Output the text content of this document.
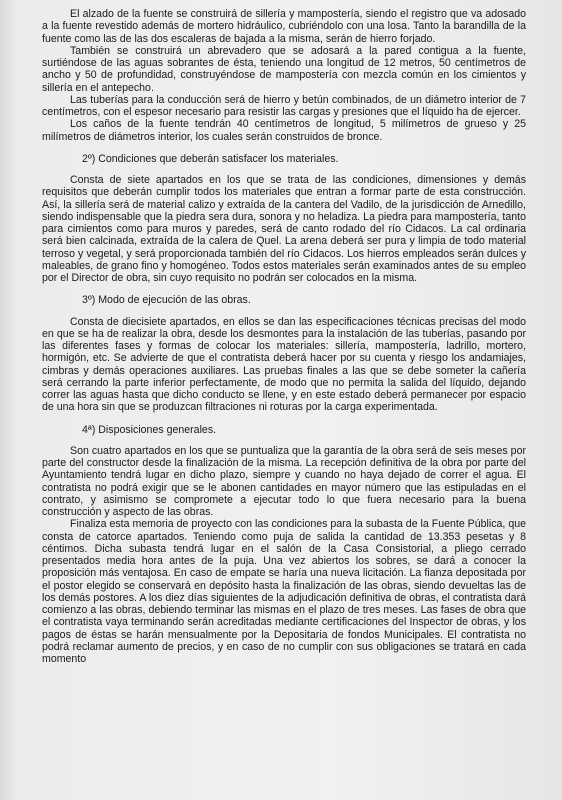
El alzado de la fuente se construirá de sillería y mampostería, siendo el registro que va adosado a la fuente revestido además de mortero hidráulico, cubriéndolo con una losa. Tanto la barandilla de la fuente como las de las dos escaleras de bajada a la misma, serán de hierro forjado.

También se construirá un abrevadero que se adosará a la pared contigua a la fuente, surtiéndose de las aguas sobrantes de ésta, teniendo una longitud de 12 metros, 50 centímetros de ancho y 50 de profundidad, construyéndose de mampostería con mezcla común en los cimientos y sillería en el antepecho.

Las tuberías para la conducción será de hierro y betún combinados, de un diámetro interior de 7 centímetros, con el espesor necesario para resistir las cargas y presiones que el líquido ha de ejercer.

Los caños de la fuente tendrán 40 centímetros de longitud, 5 milímetros de grueso y 25 milímetros de diámetros interior, los cuales serán construidos de bronce.

2º) Condiciones que deberán satisfacer los materiales.

Consta de siete apartados en los que se trata de las condiciones, dimensiones y demás requisitos que deberán cumplir todos los materiales que entran a formar parte de esta construcción. Así, la sillería será de material calizo y extraída de la cantera del Vadilo, de la jurisdicción de Arnedillo, siendo indispensable que la piedra sera dura, sonora y no heladiza. La piedra para mampostería, tanto para cimientos como para muros y paredes, será de canto rodado del río Cidacos. La cal ordinaria será bien calcinada, extraída de la calera de Quel. La arena deberá ser pura y limpia de todo material terroso y vegetal, y será proporcionada también del río Cidacos. Los hierros empleados serán dulces y maleables, de grano fino y homogéneo. Todos estos materiales serán examinados antes de su empleo por el Director de obra, sin cuyo requisito no podrán ser colocados en la misma.

3º) Modo de ejecución de las obras.

Consta de diecisiete apartados, en ellos se dan las especificaciones técnicas precisas del modo en que se ha de realizar la obra, desde los desmontes para la instalación de las tuberías, pasando por las diferentes fases y formas de colocar los materiales: sillería, mampostería, ladrillo, mortero, hormigón, etc. Se advierte de que el contratista deberá hacer por su cuenta y riesgo los andamiajes, cimbras y demás operaciones auxiliares. Las pruebas finales a las que se debe someter la cañería será cerrando la parte inferior perfectamente, de modo que no permita la salida del líquido, dejando correr las aguas hasta que dicho conducto se llene, y en este estado deberá permanecer por espacio de una hora sin que se produzcan filtraciones ni roturas por la carga experimentada.

4ª) Disposiciones generales.

Son cuatro apartados en los que se puntualiza que la garantía de la obra será de seis meses por parte del constructor desde la finalización de la misma. La recepción definitiva de la obra por parte del Ayuntamiento tendrá lugar en dicho plazo, siempre y cuando no haya dejado de correr el agua. El contratista no podrá exigir que se le abonen cantidades en mayor número que las estipuladas en el contrato, y asimismo se compromete a ejecutar todo lo que fuera necesario para la buena construcción y aspecto de las obras.

Finaliza esta memoria de proyecto con las condiciones para la subasta de la Fuente Pública, que consta de catorce apartados. Teniendo como puja de salida la cantidad de 13.353 pesetas y 8 céntimos. Dicha subasta tendrá lugar en el salón de la Casa Consistorial, a pliego cerrado presentados media hora antes de la puja. Una vez abiertos los sobres, se dará a conocer la proposición más ventajosa. En caso de empate se haría una nueva licitación. La fianza depositada por el postor elegido se conservará en depósito hasta la finalización de las obras, siendo devueltas las de los demás postores. A los diez días siguientes de la adjudicación definitiva de obras, el contratista dará comienzo a las obras, debiendo terminar las mismas en el plazo de tres meses. Las fases de obra que el contratista vaya terminando serán acreditadas mediante certificaciones del Inspector de obras, y los pagos de éstas se harán mensualmente por la Depositaria de fondos Municipales. El contratista no podrá reclamar aumento de precios, y en caso de no cumplir con sus obligaciones se tratará en cada momento
